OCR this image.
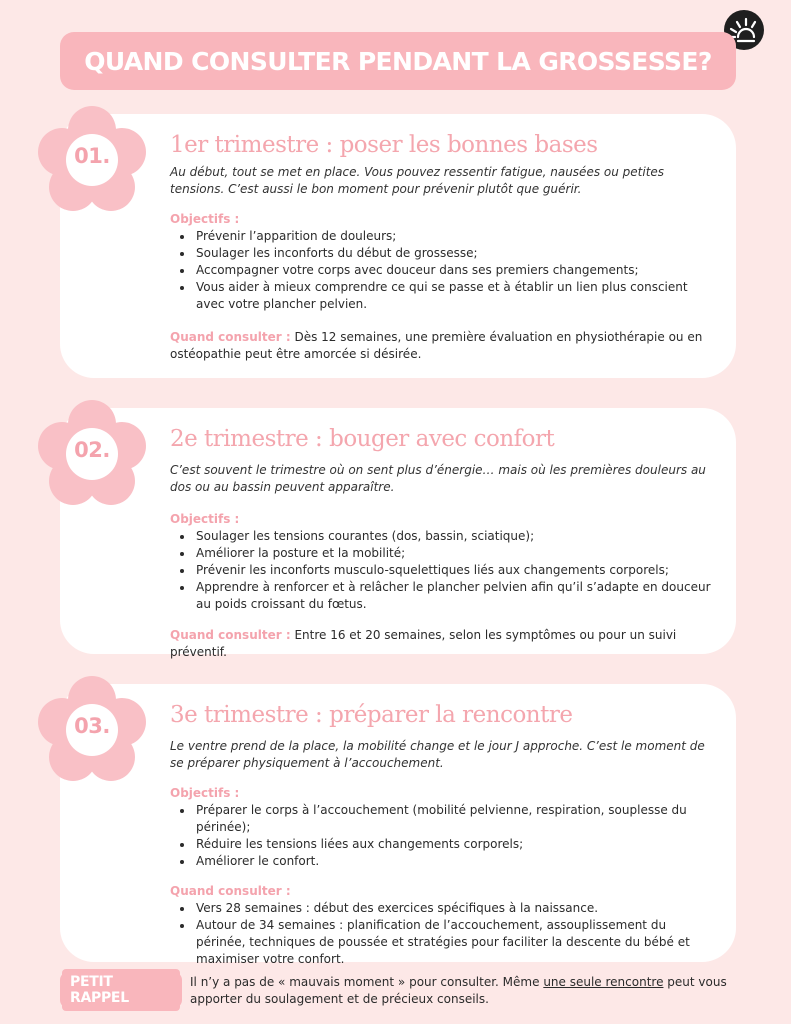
QUAND CONSULTER PENDANT LA GROSSESSE?
01.	1er trimestre : poser les bonnes bases

Au début, tout se met en place. Vous pouvez ressentir fatigue, nausées ou petites tensions. C’est aussi le bon moment pour prévenir plutôt que guérir.

Objectifs :

• Prévenir l’apparition de douleurs;
• Soulager les inconforts du début de grossesse;
• Accompagner votre corps avec douceur dans ses premiers changements;
• Vous aider à mieux comprendre ce qui se passe et à établir un lien plus conscient avec votre plancher pelvien.

Quand consulter : Dès 12 semaines, une première évaluation en physiothérapie ou en ostéopathie peut être amorcée si désirée.

02.	2e trimestre : bouger avec confort

C’est souvent le trimestre où on sent plus d’énergie… mais où les premières douleurs au dos ou au bassin peuvent apparaître.

Objectifs :

• Soulager les tensions courantes (dos, bassin, sciatique);
• Améliorer la posture et la mobilité;
• Prévenir les inconforts musculo-squelettiques liés aux changements corporels;
• Apprendre à renforcer et à relâcher le plancher pelvien afin qu’il s’adapte en douceur au poids croissant du fœtus.

Quand consulter : Entre 16 et 20 semaines, selon les symptômes ou pour un suivi préventif.

03.	3e trimestre : préparer la rencontre

Le ventre prend de la place, la mobilité change et le jour J approche. C’est le moment de se préparer physiquement à l’accouchement.

Objectifs :

• Préparer le corps à l’accouchement (mobilité pelvienne, respiration, souplesse du périnée);
• Réduire les tensions liées aux changements corporels;
• Améliorer le confort.

Quand consulter :

• Vers 28 semaines : début des exercices spécifiques à la naissance.
• Autour de 34 semaines : planification de l’accouchement, assouplissement du périnée, techniques de poussée et stratégies pour faciliter la descente du bébé et maximiser votre confort.
PETIT RAPPEL
Il n’y a pas de « mauvais moment » pour consulter. Même une seule rencontre peut vous apporter du soulagement et de précieux conseils.
